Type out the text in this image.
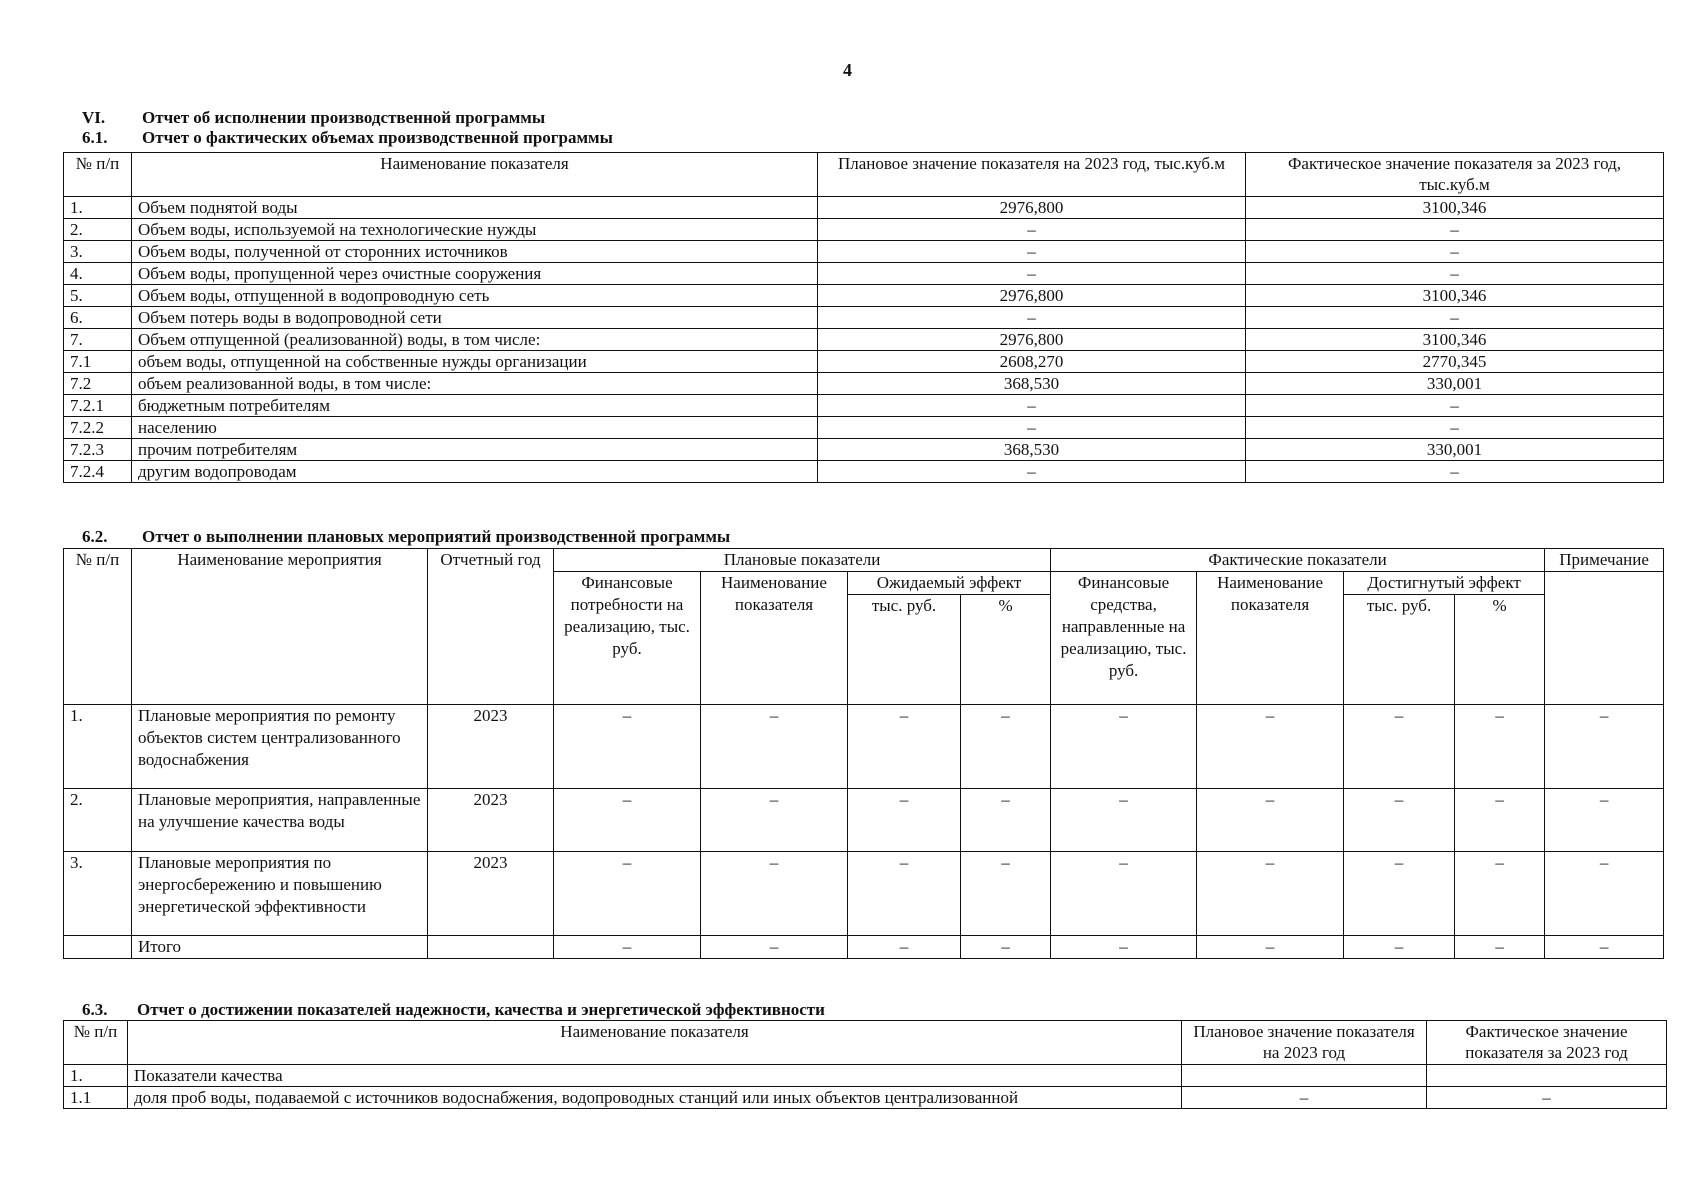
4
VI. Отчет об исполнении производственной программы
6.1. Отчет о фактических объемах производственной программы
№ п/п	Наименование показателя	Плановое значение показателя на 2023 год, тыс.куб.м	Фактическое значение показателя за 2023 год, тыс.куб.м
1.	Объем поднятой воды	2976,800	3100,346
2.	Объем воды, используемой на технологические нужды	–	–
3.	Объем воды, полученной от сторонних источников	–	–
4.	Объем воды, пропущенной через очистные сооружения	–	–
5.	Объем воды, отпущенной в водопроводную сеть	2976,800	3100,346
6.	Объем потерь воды в водопроводной сети	–	–
7.	Объем отпущенной (реализованной) воды, в том числе:	2976,800	3100,346
7.1	объем воды, отпущенной на собственные нужды организации	2608,270	2770,345
7.2	объем реализованной воды, в том числе:	368,530	330,001
7.2.1	бюджетным потребителям	–	–
7.2.2	населению	–	–
7.2.3	прочим потребителям	368,530	330,001
7.2.4	другим водопроводам	–	–
6.2. Отчет о выполнении плановых мероприятий производственной программы
№ п/п	Наименование мероприятия	Отчетный год	Плановые показатели				Фактические показатели				Примечание
			Финансовые потребности на реализацию, тыс. руб.	Наименование показателя	Ожидаемый эффект		Финансовые средства, направленные на реализацию, тыс. руб.	Наименование показателя	Достигнутый эффект		
					тыс. руб.	%			тыс. руб.	%	
1.	Плановые мероприятия по ремонту объектов систем централизованного водоснабжения	2023	–	–	–	–	–	–	–	–	–
2.	Плановые мероприятия, направленные на улучшение качества воды	2023	–	–	–	–	–	–	–	–	–
3.	Плановые мероприятия по энергосбережению и повышению энергетической эффективности	2023	–	–	–	–	–	–	–	–	–
	Итого		–	–	–	–	–	–	–	–	–
6.3. Отчет о достижении показателей надежности, качества и энергетической эффективности
№ п/п	Наименование показателя	Плановое значение показателя на 2023 год	Фактическое значение показателя за 2023 год
1.	Показатели качества		
1.1	доля проб воды, подаваемой с источников водоснабжения, водопроводных станций или иных объектов централизованной	–	–
